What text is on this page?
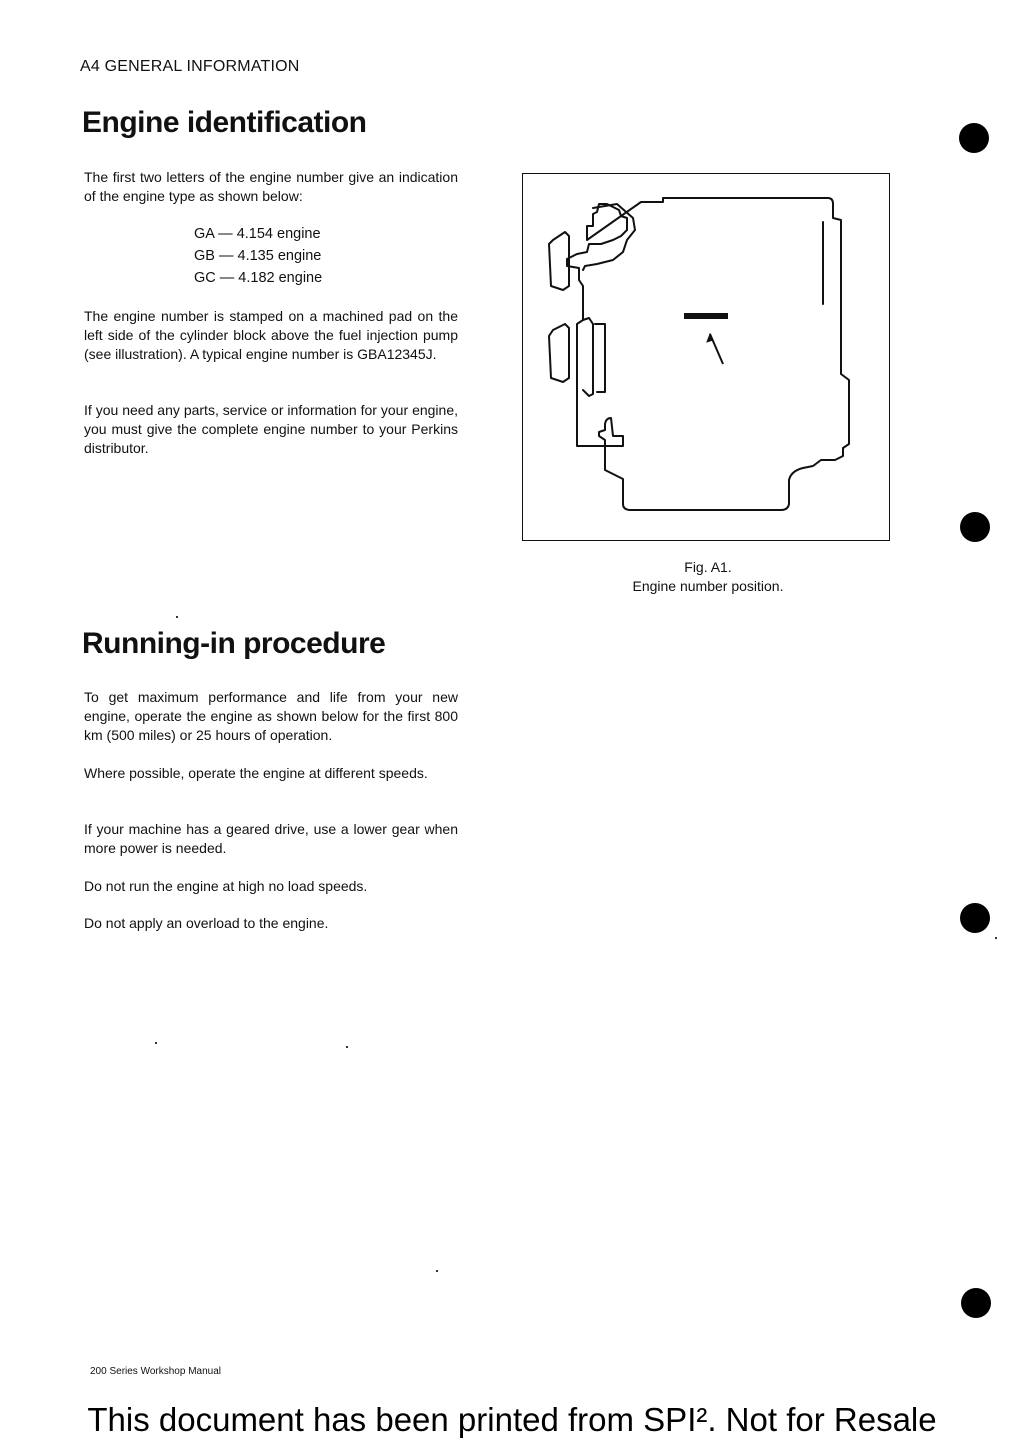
A4 GENERAL INFORMATION
Engine identification
The first two letters of the engine number give an indication of the engine type as shown below:
GA — 4.154 engine
GB — 4.135 engine
GC — 4.182 engine
The engine number is stamped on a machined pad on the left side of the cylinder block above the fuel injection pump (see illustration). A typical engine number is GBA12345J.
If you need any parts, service or information for your engine, you must give the complete engine number to your Perkins distributor.
Fig. A1.
Engine number position.
Running-in procedure
To get maximum performance and life from your new engine, operate the engine as shown below for the first 800 km (500 miles) or 25 hours of operation.
Where possible, operate the engine at different speeds.
If your machine has a geared drive, use a lower gear when more power is needed.
Do not run the engine at high no load speeds.
Do not apply an overload to the engine.
200 Series Workshop Manual
This document has been printed from SPI². Not for Resale
